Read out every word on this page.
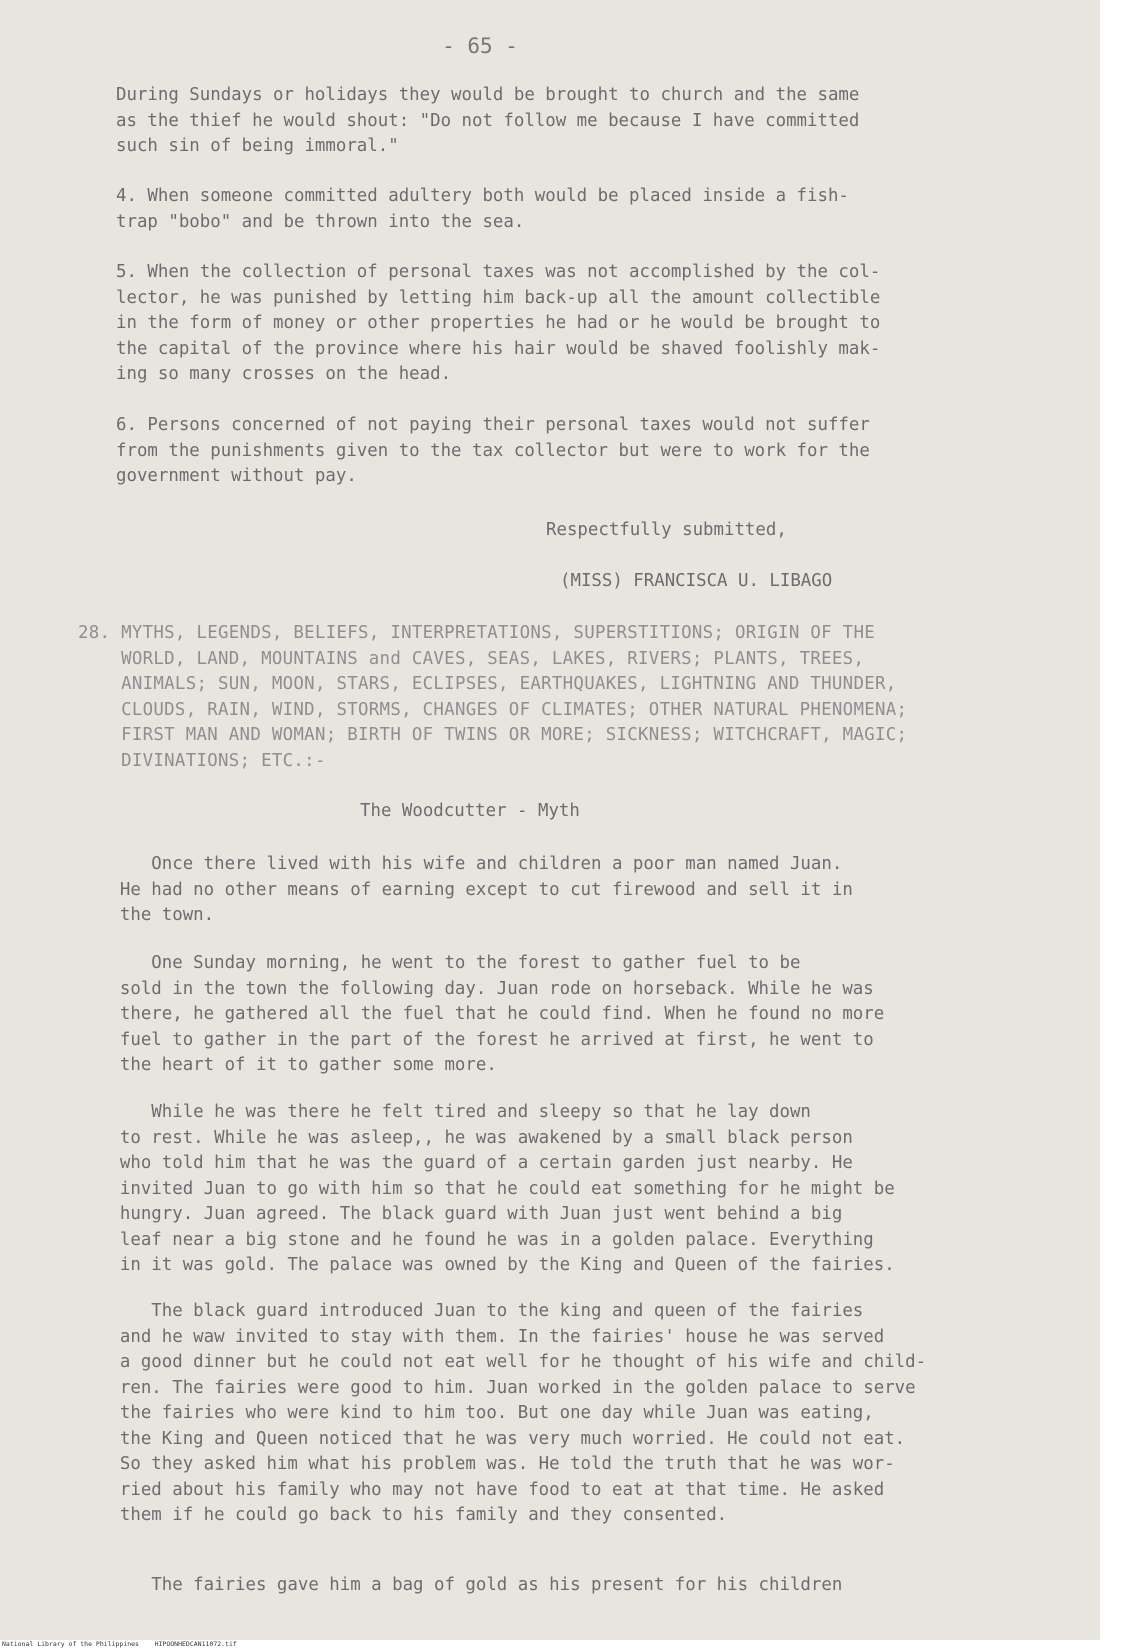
- 65 -
During Sundays or holidays they would be brought to church and the same
as the thief he would shout: "Do not follow me because I have committed
such sin of being immoral."
4. When someone committed adultery both would be placed inside a fish-
trap "bobo" and be thrown into the sea.
5. When the collection of personal taxes was not accomplished by the col-
lector, he was punished by letting him back-up all the amount collectible
in the form of money or other properties he had or he would be brought to
the capital of the province where his hair would be shaved foolishly mak-
ing so many crosses on the head.
6. Persons concerned of not paying their personal taxes would not suffer
from the punishments given to the tax collector but were to work for the
government without pay.
Respectfully submitted,
(MISS) FRANCISCA U. LIBAGO
28. MYTHS, LEGENDS, BELIEFS, INTERPRETATIONS, SUPERSTITIONS; ORIGIN OF THE
WORLD, LAND, MOUNTAINS and CAVES, SEAS, LAKES, RIVERS; PLANTS, TREES,
ANIMALS; SUN, MOON, STARS, ECLIPSES, EARTHQUAKES, LIGHTNING AND THUNDER,
CLOUDS, RAIN, WIND, STORMS, CHANGES OF CLIMATES; OTHER NATURAL PHENOMENA;
FIRST MAN AND WOMAN; BIRTH OF TWINS OR MORE; SICKNESS; WITCHCRAFT, MAGIC;
DIVINATIONS; ETC.:-
The Woodcutter - Myth
Once there lived with his wife and children a poor man named Juan.
He had no other means of earning except to cut firewood and sell it in
the town.
One Sunday morning, he went to the forest to gather fuel to be
sold in the town the following day. Juan rode on horseback. While he was
there, he gathered all the fuel that he could find. When he found no more
fuel to gather in the part of the forest he arrived at first, he went to
the heart of it to gather some more.
While he was there he felt tired and sleepy so that he lay down
to rest. While he was asleep,, he was awakened by a small black person
who told him that he was the guard of a certain garden just nearby. He
invited Juan to go with him so that he could eat something for he might be
hungry. Juan agreed. The black guard with Juan just went behind a big
leaf near a big stone and he found he was in a golden palace. Everything
in it was gold. The palace was owned by the King and Queen of the fairies.
The black guard introduced Juan to the king and queen of the fairies
and he waw invited to stay with them. In the fairies' house he was served
a good dinner but he could not eat well for he thought of his wife and child-
ren. The fairies were good to him. Juan worked in the golden palace to serve
the fairies who were kind to him too. But one day while Juan was eating,
the King and Queen noticed that he was very much worried. He could not eat.
So they asked him what his problem was. He told the truth that he was wor-
ried about his family who may not have food to eat at that time. He asked
them if he could go back to his family and they consented.
The fairies gave him a bag of gold as his present for his children
National Library of the Philippines    HIPOONHEDCAN11072.tif
